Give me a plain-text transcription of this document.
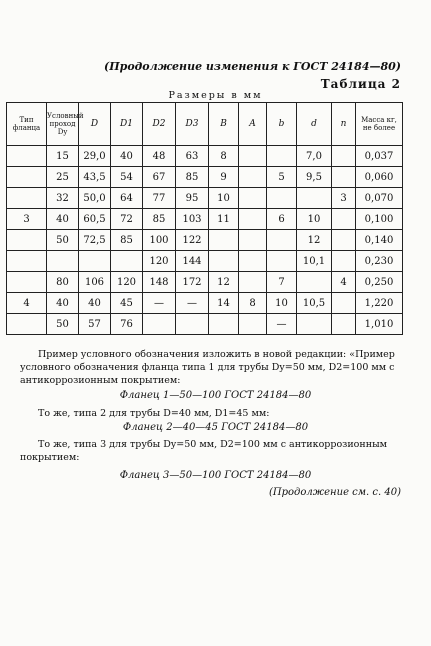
(Продолжение изменения к ГОСТ 24184—80)
Таблица 2
Размеры в мм
Тип фланца	Условный проход Dy	D	D1	D2	D3	B	A	b	d	n	Масса кг, не более
	15	29,0	40	48	63	8			7,0		0,037
	25	43,5	54	67	85	9		5	9,5		0,060
	32	50,0	64	77	95	10				3	0,070
3	40	60,5	72	85	103	11		6	10		0,100
	50	72,5	85	100	122				12		0,140
				120	144				10,1		0,230
	80	106	120	148	172	12		7		4	0,250
4	40	40	45	—	—	14	8	10	10,5		1,220
	50	57	76					—			1,010
Пример условного обозначения изложить в новой редакции: «Пример условного обозначения фланца типа 1 для трубы Dy=50 мм, D2=100 мм с антикоррозионным покрытием:
Фланец 1—50—100 ГОСТ 24184—80
То же, типа 2 для трубы D=40 мм, D1=45 мм:
Фланец 2—40—45 ГОСТ 24184—80
То же, типа 3 для трубы Dy=50 мм, D2=100 мм с антикоррозионным покрытием:
Фланец 3—50—100 ГОСТ 24184—80
(Продолжение см. с. 40)
